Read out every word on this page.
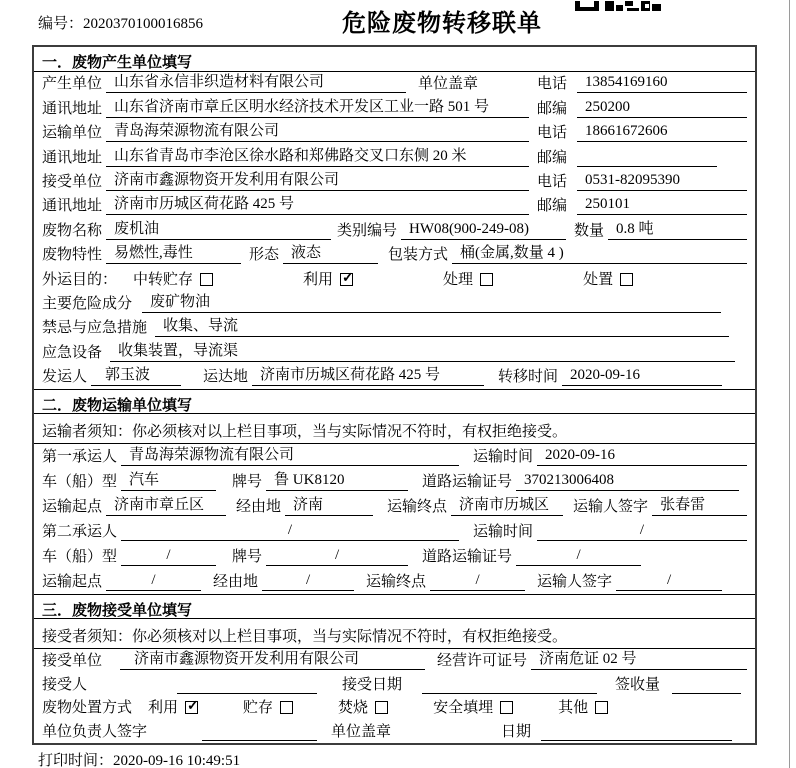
编号：2020370100016856	危险废物转移联单
一．废物产生单位填写
产生单位 山东省永信非织造材料有限公司	单位盖章	电话	13854169160
通讯地址 山东省济南市章丘区明水经济技术开发区工业一路 501 号	邮编	250200
运输单位 青岛海荣源物流有限公司	电话	18661672606
通讯地址 山东省青岛市李沧区徐水路和郑佛路交叉口东侧 20 米	邮编
接受单位 济南市鑫源物资开发利用有限公司	电话	0531-82095390
通讯地址 济南市历城区荷花路 425 号	邮编	250101
废物名称 废机油	类别编号 HW08(900-249-08)	数量 0.8 吨
废物特性 易燃性,毒性	形态 液态	包装方式 桶(金属,数量 4 )
外运目的： 中转贮存	利用 ✓	处理	处置
主要危险成分	废矿物油
禁忌与应急措施	收集、导流
应急设备	收集装置，导流渠
发运人	郭玉波	运达地 济南市历城区荷花路 425 号	转移时间 2020-09-16
二．废物运输单位填写
运输者须知：你必须核对以上栏目事项，当与实际情况不符时，有权拒绝接受。
第一承运人 青岛海荣源物流有限公司	运输时间 2020-09-16
车（船）型 汽车	牌号 鲁 UK8120	道路运输证号 370213006408
运输起点 济南市章丘区	经由地 济南	运输终点 济南市历城区	运输人签字 张春雷
第二承运人	/	运输时间	/
车（船）型	/	牌号	/	道路运输证号	/
运输起点	/	经由地	/	运输终点	/	运输人签字	/
三．废物接受单位填写
接受者须知：你必须核对以上栏目事项，当与实际情况不符时，有权拒绝接受。
接受单位	济南市鑫源物资开发利用有限公司	经营许可证号 济南危证 02 号
接受人	接受日期	签收量
废物处置方式 利用 ✓	贮存	焚烧	安全填埋	其他
单位负责人签字	单位盖章	日期
打印时间：2020-09-16 10:49:51
